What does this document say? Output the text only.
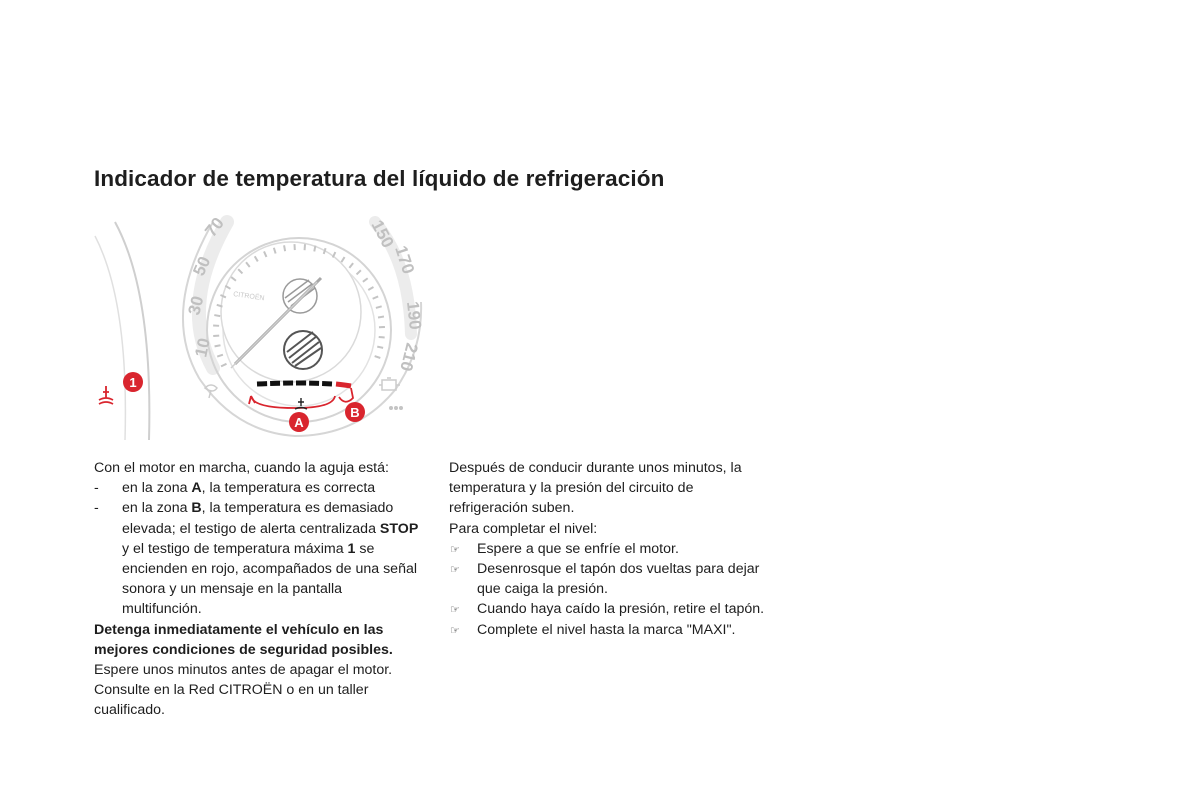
Indicador de temperatura del líquido de refrigeración
10
30
50
70	150
170
190
210
CITROËN
1
A
B

Con el motor en marcha, cuando la aguja está:

- en la zona A, la temperatura es correcta
- en la zona B, la temperatura es demasiado elevada; el testigo de alerta centralizada STOP y el testigo de temperatura máxima 1 se encienden en rojo, acompañados de una señal sonora y un mensaje en la pantalla multifunción.

Detenga inmediatamente el vehículo en las mejores condiciones de seguridad posibles.

Espere unos minutos antes de apagar el motor.

Consulte en la Red CITROËN o en un taller cualificado.

Después de conducir durante unos minutos, la temperatura y la presión del circuito de refrigeración suben.

Para completar el nivel:

☞ Espere a que se enfríe el motor.
☞ Desenrosque el tapón dos vueltas para dejar que caiga la presión.
☞ Cuando haya caído la presión, retire el tapón.
☞ Complete el nivel hasta la marca "MAXI".
